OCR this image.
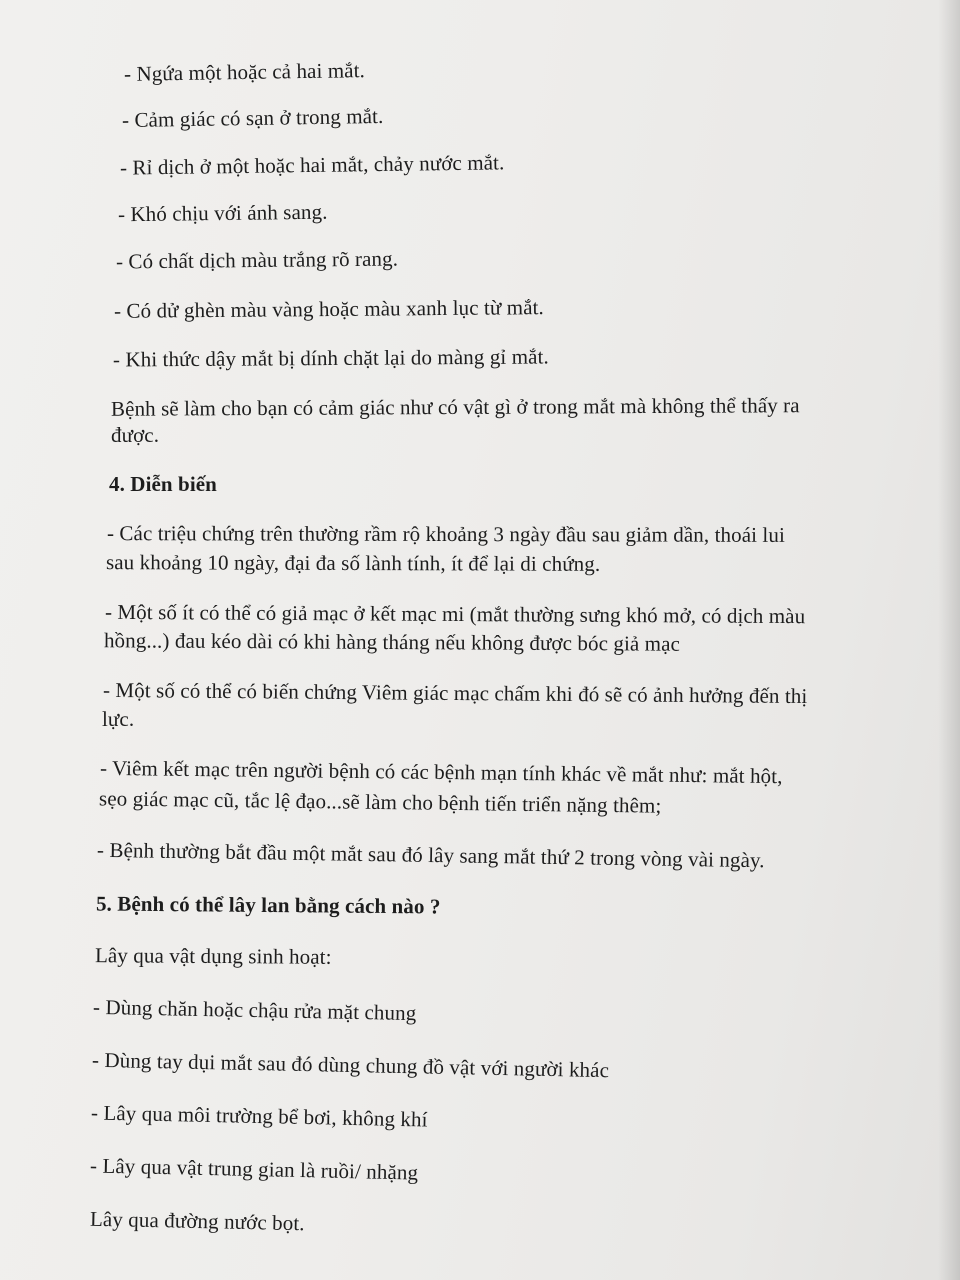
- Ngứa một hoặc cả hai mắt.
- Cảm giác có sạn ở trong mắt.
- Rỉ dịch ở một hoặc hai mắt, chảy nước mắt.
- Khó chịu với ánh sang.
- Có chất dịch màu trắng rõ rang.
- Có dử ghèn màu vàng hoặc màu xanh lục từ mắt.
- Khi thức dậy mắt bị dính chặt lại do màng gỉ mắt.
Bệnh sẽ làm cho bạn có cảm giác như có vật gì ở trong mắt mà không thể thấy ra
được.
4. Diễn biến
- Các triệu chứng trên thường rầm rộ khoảng 3 ngày đầu sau giảm dần, thoái lui
sau khoảng 10 ngày, đại đa số lành tính, ít để lại di chứng.
- Một số ít có thể có giả mạc ở kết mạc mi (mắt thường sưng khó mở, có dịch màu
hồng...) đau kéo dài có khi hàng tháng nếu không được bóc giả mạc
- Một số có thể có biến chứng Viêm giác mạc chấm khi đó sẽ có ảnh hưởng đến thị
lực.
- Viêm kết mạc trên người bệnh có các bệnh mạn tính khác về mắt như: mắt hột,
sẹo giác mạc cũ, tắc lệ đạo...sẽ làm cho bệnh tiến triển nặng thêm;
- Bệnh thường bắt đầu một mắt sau đó lây sang mắt thứ 2 trong vòng vài ngày.
5. Bệnh có thể lây lan bằng cách nào ?
Lây qua vật dụng sinh hoạt:
- Dùng chăn hoặc chậu rửa mặt chung
- Dùng tay dụi mắt sau đó dùng chung đồ vật với người khác
- Lây qua môi trường bể bơi, không khí
- Lây qua vật trung gian là ruồi/ nhặng
Lây qua đường nước bọt.
